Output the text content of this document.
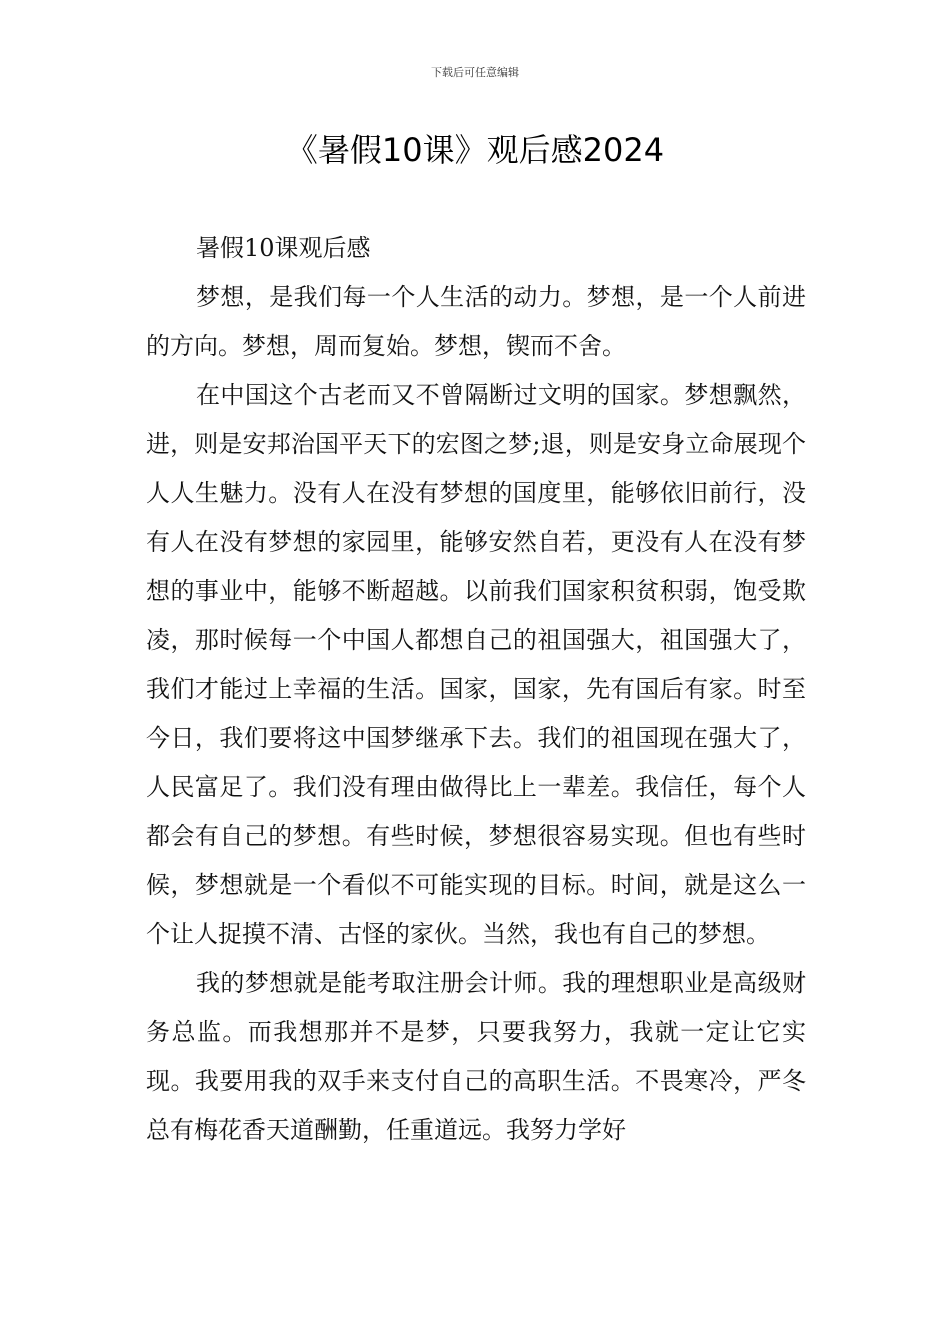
下载后可任意编辑
《暑假10课》观后感2024

暑假10课观后感

梦想，是我们每一个人生活的动力。梦想，是一个人前进的方向。梦想，周而复始。梦想，锲而不舍。

在中国这个古老而又不曾隔断过文明的国家。梦想飘然，进，则是安邦治国平天下的宏图之梦;退，则是安身立命展现个人人生魅力。没有人在没有梦想的国度里，能够依旧前行，没有人在没有梦想的家园里，能够安然自若，更没有人在没有梦想的事业中，能够不断超越。以前我们国家积贫积弱，饱受欺凌，那时候每一个中国人都想自己的祖国强大，祖国强大了，我们才能过上幸福的生活。国家，国家，先有国后有家。时至今日，我们要将这中国梦继承下去。我们的祖国现在强大了，人民富足了。我们没有理由做得比上一辈差。我信任，每个人都会有自己的梦想。有些时候，梦想很容易实现。但也有些时候，梦想就是一个看似不可能实现的目标。时间，就是这么一个让人捉摸不清、古怪的家伙。当然，我也有自己的梦想。

我的梦想就是能考取注册会计师。我的理想职业是高级财务总监。而我想那并不是梦，只要我努力，我就一定让它实现。我要用我的双手来支付自己的高职生活。不畏寒冷，严冬总有梅花香天道酬勤，任重道远。我努力学好
